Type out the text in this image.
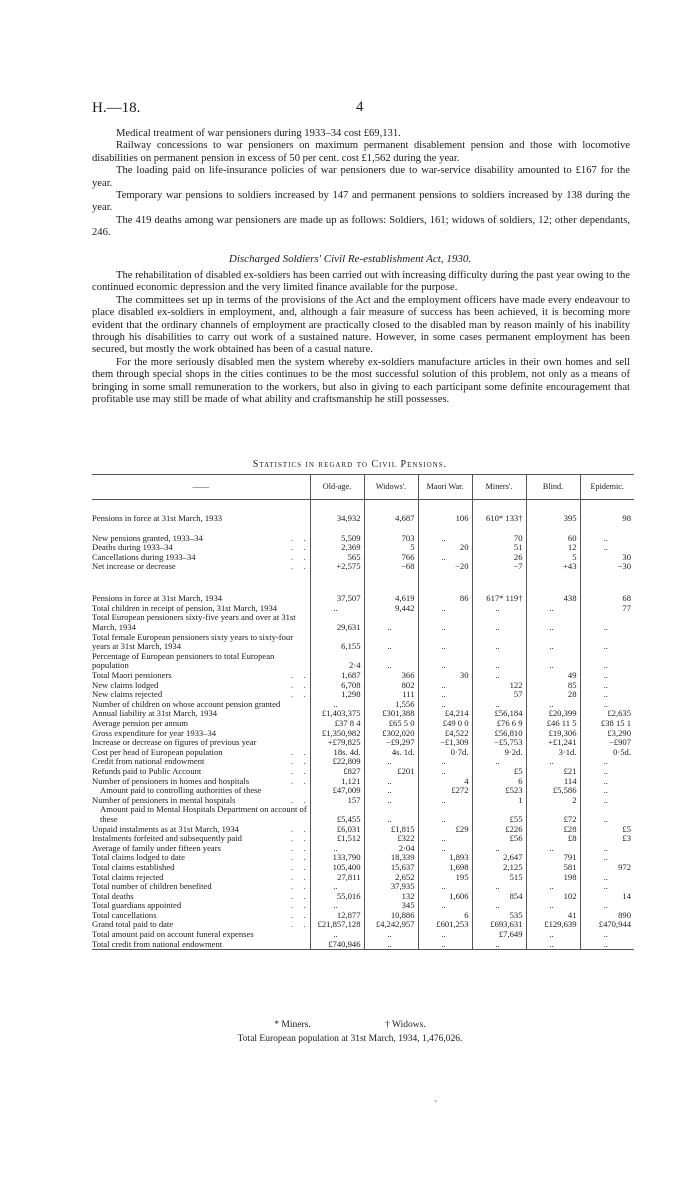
H.—18.	4

Medical treatment of war pensioners during 1933–34 cost £69,131.

Railway concessions to war pensioners on maximum permanent disablement pension and those with locomotive disabilities on permanent pension in excess of 50 per cent. cost £1,562 during the year.

The loading paid on life-insurance policies of war pensioners due to war-service disability amounted to £167 for the year.

Temporary war pensions to soldiers increased by 147 and permanent pensions to soldiers increased by 138 during the year.

The 419 deaths among war pensioners are made up as follows: Soldiers, 161; widows of soldiers, 12; other dependants, 246.

Discharged Soldiers' Civil Re-establishment Act, 1930.

The rehabilitation of disabled ex-soldiers has been carried out with increasing difficulty during the past year owing to the continued economic depression and the very limited finance available for the purpose.

The committees set up in terms of the provisions of the Act and the employment officers have made every endeavour to place disabled ex-soldiers in employment, and, although a fair measure of success has been achieved, it is becoming more evident that the ordinary channels of employment are practically closed to the disabled man by reason mainly of his inability through his disabilities to carry out work of a sustained nature. However, in some cases permanent employment has been secured, but mostly the work obtained has been of a casual nature.

For the more seriously disabled men the system whereby ex-soldiers manufacture articles in their own homes and sell them through special shops in the cities continues to be the most successful solution of this problem, not only as a means of bringing in some small remuneration to the workers, but also in giving to each participant some definite encouragement that profitable use may still be made of what ability and craftsmanship he still possesses.

Statistics in regard to Civil Pensions.
——	Old-age.	Widows'.	Maori War.	Miners'.	Blind.	Epidemic.
Pensions in force at 31st March, 1933	34,932	4,687	106	610* 133†	395	98

. .
New pensions granted, 1933–34	5,509	703	..	70	60	..

. .
Deaths during 1933–34	2,369	5	20	51	12	..

. .
Cancellations during 1933–34	565	766	..	26	5	30

. .
Net increase or decrease	+2,575	−68	−20	−7	+43	−30

Pensions in force at 31st March, 1934	37,507	4,619	86	617* 119†	438	68
Total children in receipt of pension, 31st March, 1934	..	9,442	..	..	..	77
Total European pensioners sixty-five years and over at 31st March, 1934	29,631	..	..	..	..	..
Total female European pensioners sixty years to sixty-four years at 31st March, 1934	6,155	..	..	..	..	..
Percentage of European pensioners to total European population	2·4	..	..	..	..	..

. .
Total Maori pensioners	1,687	366	30	..	49	..

. .
New claims lodged	6,708	802	..	122	85	..

. .
New claims rejected	1,298	111	..	57	28	..
Number of children on whose account pension granted	..	1,556	..	..	..	..
Annual liability at 31st March, 1934	£1,403,375	£301,388	£4,214	£56,184	£20,399	£2,635
Average pension per annum	£37 8 4	£65 5 0	£49 0 0	£76 6 9	£46 11 5	£38 15 1
Gross expenditure for year 1933–34	£1,350,982	£302,020	£4,522	£56,810	£19,306	£3,290
Increase or decrease on figures of previous year	+£79,825	−£9,297	−£1,309	−£5,753	+£1,241	−£907

. .
Cost per head of European population	18s. 4d.	4s. 1d.	0·7d.	9·2d.	3·1d.	0·5d.

. .
Credit from national endowment	£22,809	..	..	..	..	..

. .
Refunds paid to Public Account	£827	£201	..	£5	£21	..

. .
Number of pensioners in homes and hospitals	1,121	..	4	6	114	..
Amount paid to controlling authorities of these	£47,009	..	£272	£523	£5,586	..

. .
Number of pensioners in mental hospitals	157	..	..	1	2	..
Amount paid to Mental Hospitals Department on account of these	£5,455	..	..	£55	£72	..

. .
Unpaid instalments as at 31st March, 1934	£6,031	£1,815	£29	£226	£28	£5

. .
Instalments forfeited and subsequently paid	£1,512	£322	..	£56	£8	£3

. .
Average of family under fifteen years	..	2·04	..	..	..	..

. .
Total claims lodged to date	133,790	18,339	1,893	2,647	791	..

. .
Total claims established	105,400	15,637	1,698	2,125	581	972

. .
Total claims rejected	27,811	2,652	195	515	198	..

. .
Total number of children benefited	..	37,935	..	..	..	..

. .
Total deaths	55,016	132	1,606	854	102	14

. .
Total guardians appointed	..	345	..	..	..	..

. .
Total cancellations	12,877	10,886	6	535	41	890

. .
Grand total paid to date	£21,857,128	£4,242,957	£601,253	£693,631	£129,639	£470,944
Total amount paid on account funeral expenses	..	..	..	£7,649	..	..
Total credit from national endowment	£740,946	..	..	..	..	..
* Miners.	† Widows.
Total European population at 31st March, 1934, 1,476,026.
ˊ
